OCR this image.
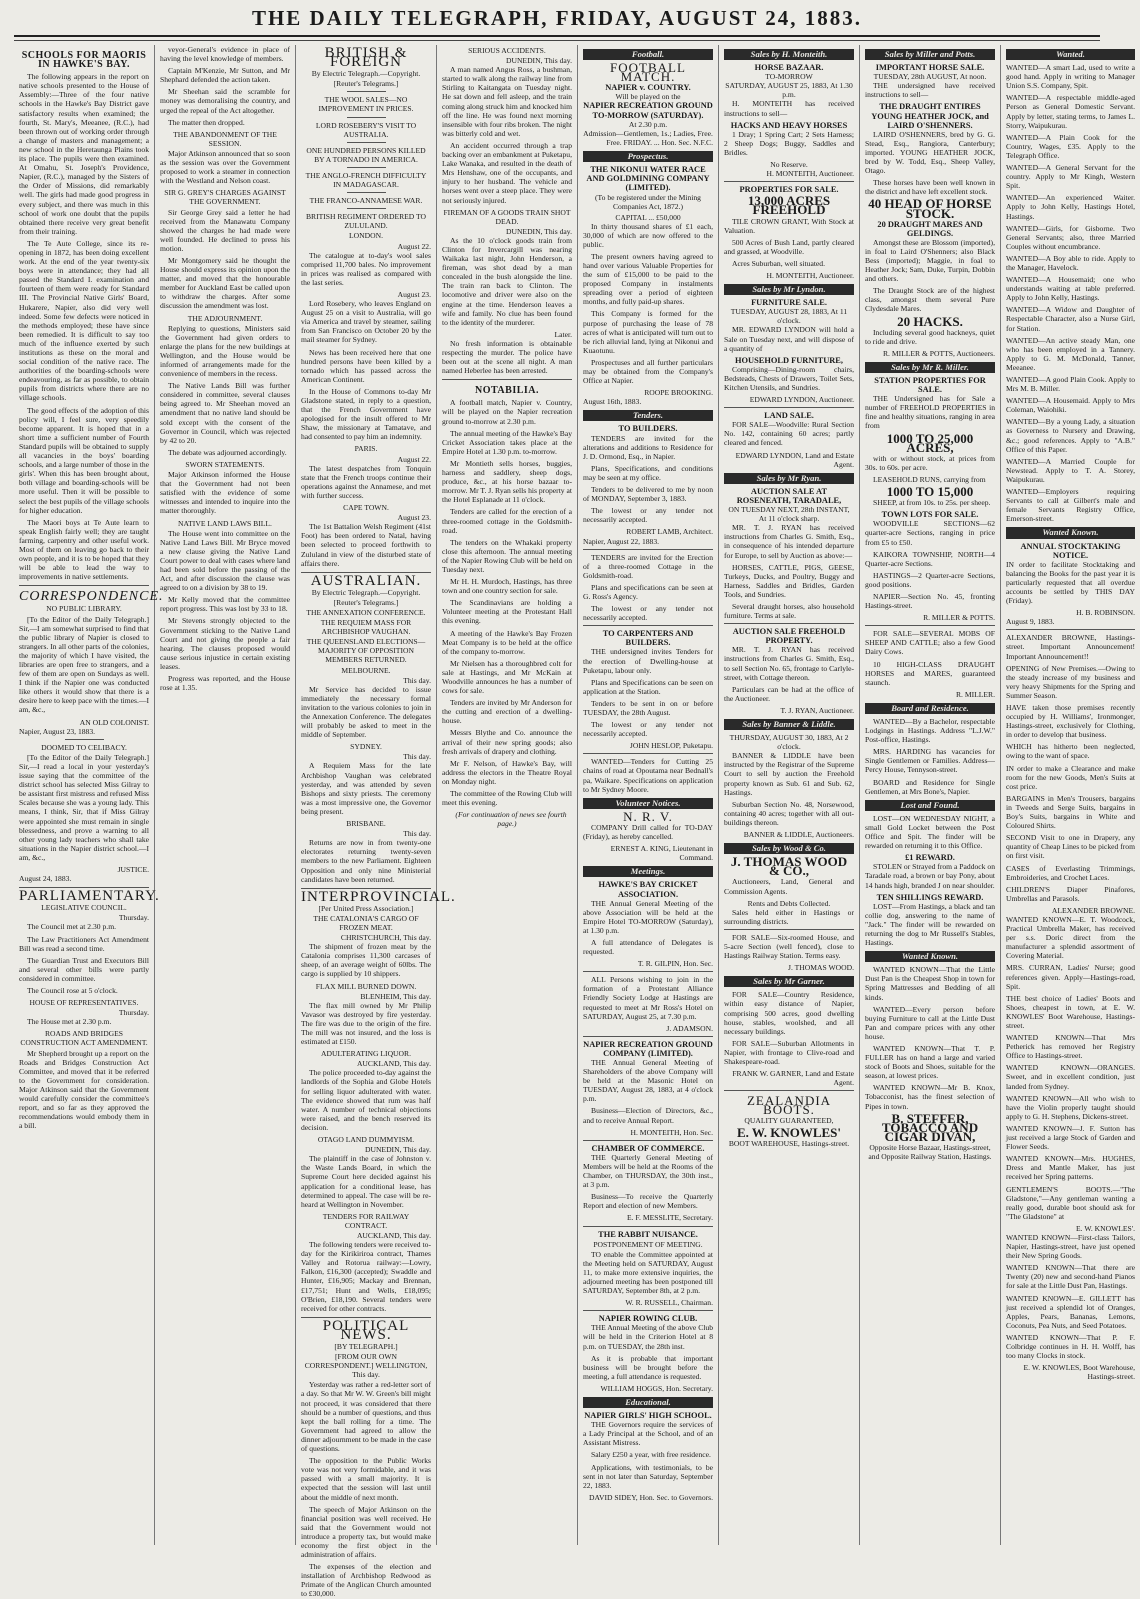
THE DAILY TELEGRAPH, FRIDAY, AUGUST 24, 1883.
SCHOOLS FOR MAORIS IN HAWKE'S BAY.

The following appears in the report on native schools presented to the House of Assembly:—Three of the four native schools in the Hawke's Bay District gave satisfactory results when examined; the fourth, St. Mary's, Meeanee, (R.C.), had been thrown out of working order through a change of masters and management; a new school in the Heretaunga Plains took its place. The pupils were then examined. At Omahu, St. Joseph's Providence, Napier, (R.C.), managed by the Sisters of the Order of Missions, did remarkably well. The girls had made good progress in every subject, and there was much in this school of work one doubt that the pupils obtained there receive very great benefit from their training.

The Te Aute College, since its re-opening in 1872, has been doing excellent work. At the end of the year twenty-six boys were in attendance; they had all passed the Standard I. examination and fourteen of them were ready for Standard III. The Provincial Native Girls' Board, Hukarere, Napier, also did very well indeed. Some few defects were noticed in the methods employed; these have since been remedied. It is difficult to say too much of the influence exerted by such institutions as these on the moral and social condition of the native race. The authorities of the boarding-schools were endeavouring, as far as possible, to obtain pupils from districts where there are no village schools.

The good effects of the adoption of this policy will, I feel sure, very speedily become apparent. It is hoped that in a short time a sufficient number of Fourth Standard pupils will be obtained to supply all vacancies in the boys' boarding schools, and a large number of those in the girls'. When this has been brought about, both village and boarding-schools will be more useful. Then it will be possible to select the best pupils of the village schools for higher education.

The Maori boys at Te Aute learn to speak English fairly well; they are taught farming, carpentry and other useful work. Most of them on leaving go back to their own people, and it is to be hoped that they will be able to lead the way to improvements in native settlements.

CORRESPONDENCE.
NO PUBLIC LIBRARY.

[To the Editor of the Daily Telegraph.] Sir,—I am somewhat surprised to find that the public library of Napier is closed to strangers. In all other parts of the colonies, the majority of which I have visited, the libraries are open free to strangers, and a few of them are open on Sundays as well. I think if the Napier one was conducted like others it would show that there is a desire here to keep pace with the times.—I am, &c.,

AN OLD COLONIST.
Napier, August 23, 1883.
DOOMED TO CELIBACY.

[To the Editor of the Daily Telegraph.] Sir,—I read a local in your yesterday's issue saying that the committee of the district school has selected Miss Gilray to be assistant first mistress and refused Miss Scales because she was a young lady. This means, I think, Sir, that if Miss Gilray were appointed she must remain in single blessedness, and prove a warning to all other young lady teachers who shall take situations in the Napier district school.—I am, &c.,

JUSTICE.
August 24, 1883.
PARLIAMENTARY.
LEGISLATIVE COUNCIL.
Thursday.

The Council met at 2.30 p.m.

The Law Practitioners Act Amendment Bill was read a second time.

The Guardian Trust and Executors Bill and several other bills were partly considered in committee.

The Council rose at 5 o'clock.

HOUSE OF REPRESENTATIVES.
Thursday.

The House met at 2.30 p.m.

ROADS AND BRIDGES CONSTRUCTION ACT AMENDMENT.

Mr Shepherd brought up a report on the Roads and Bridges Construction Act Committee, and moved that it be referred to the Government for consideration. Major Atkinson said that the Government would carefully consider the committee's report, and so far as they approved the recommendations would embody them in a bill.

veyor-General's evidence in place of having the level knowledge of members.

Captain M'Kenzie, Mr Sutton, and Mr Shephard defended the action taken.

Mr Sheehan said the scramble for money was demoralising the country, and urged the repeal of the Act altogether.

The matter then dropped.

THE ABANDONMENT OF THE SESSION.

Major Atkinson announced that so soon as the session was over the Government proposed to work a steamer in connection with the Westland and Nelson coast.

SIR G. GREY'S CHARGES AGAINST THE GOVERNMENT.

Sir George Grey said a letter he had received from the Manawatu Company showed the charges he had made were well founded. He declined to press his motion.

Mr Montgomery said he thought the House should express its opinion upon the matter, and moved that the honourable member for Auckland East be called upon to withdraw the charges. After some discussion the amendment was lost.

THE ADJOURNMENT.

Replying to questions, Ministers said the Government had given orders to enlarge the plans for the new buildings at Wellington, and the House would be informed of arrangements made for the convenience of members in the recess.

The Native Lands Bill was further considered in committee, several clauses being agreed to. Mr Sheehan moved an amendment that no native land should be sold except with the consent of the Governor in Council, which was rejected by 42 to 20.

The debate was adjourned accordingly.

SWORN STATEMENTS.

Major Atkinson informed the House that the Government had not been satisfied with the evidence of some witnesses and intended to inquire into the matter thoroughly.

NATIVE LAND LAWS BILL.

The House went into committee on the Native Land Laws Bill. Mr Bryce moved a new clause giving the Native Land Court power to deal with cases where land had been sold before the passing of the Act, and after discussion the clause was agreed to on a division by 38 to 19.

Mr Kelly moved that the committee report progress. This was lost by 33 to 18.

Mr Stevens strongly objected to the Government sticking to the Native Land Court and not giving the people a fair hearing. The clauses proposed would cause serious injustice in certain existing leases.

Progress was reported, and the House rose at 1.35.

BRITISH & FOREIGN
By Electric Telegraph.—Copyright.
[Reuter's Telegrams.]
THE WOOL SALES—NO IMPROVEMENT IN PRICES.
LORD ROSEBERY'S VISIT TO AUSTRALIA.
ONE HUNDRED PERSONS KILLED BY A TORNADO IN AMERICA.
THE ANGLO-FRENCH DIFFICULTY IN MADAGASCAR.
THE FRANCO-ANNAMESE WAR.
BRITISH REGIMENT ORDERED TO ZULULAND.
LONDON.
August 22.

The catalogue at to-day's wool sales comprised 11,700 bales. No improvement in prices was realised as compared with the last series.

August 23.

Lord Rosebery, who leaves England on August 25 on a visit to Australia, will go via America and travel by steamer, sailing from San Francisco on October 20 by the mail steamer for Sydney.

News has been received here that one hundred persons have been killed by a tornado which has passed across the American Continent.

In the House of Commons to-day Mr Gladstone stated, in reply to a question, that the French Government have apologised for the insult offered to Mr Shaw, the missionary at Tamatave, and had consented to pay him an indemnity.

PARIS.
August 22.

The latest despatches from Tonquin state that the French troops continue their operations against the Annamese, and met with further success.

CAPE TOWN.
August 23.

The 1st Battalion Welsh Regiment (41st Foot) has been ordered to Natal, having been selected to proceed forthwith to Zululand in view of the disturbed state of affairs there.

AUSTRALIAN.
By Electric Telegraph.—Copyright.
[Reuter's Telegrams.]
THE ANNEXATION CONFERENCE.
THE REQUIEM MASS FOR ARCHBISHOP VAUGHAN.
THE QUEENSLAND ELECTIONS—MAJORITY OF OPPOSITION MEMBERS RETURNED.
MELBOURNE.
This day.

Mr Service has decided to issue immediately the necessary formal invitation to the various colonies to join in the Annexation Conference. The delegates will probably be asked to meet in the middle of September.

SYDNEY.
This day.

A Requiem Mass for the late Archbishop Vaughan was celebrated yesterday, and was attended by seven Bishops and sixty priests. The ceremony was a most impressive one, the Governor being present.

BRISBANE.
This day.

Returns are now in from twenty-one electorates returning twenty-seven members to the new Parliament. Eighteen Opposition and only nine Ministerial candidates have been returned.

INTERPROVINCIAL.
[Per United Press Association.]
THE CATALONIA'S CARGO OF FROZEN MEAT.
CHRISTCHURCH, This day.

The shipment of frozen meat by the Catalonia comprises 11,300 carcases of sheep, of an average weight of 60lbs. The cargo is supplied by 10 shippers.

FLAX MILL BURNED DOWN.
BLENHEIM, This day.

The flax mill owned by Mr Philip Vavasor was destroyed by fire yesterday. The fire was due to the origin of the fire. The mill was not insured, and the loss is estimated at £150.

ADULTERATING LIQUOR.
AUCKLAND, This day.

The police proceeded to-day against the landlords of the Sophia and Globe Hotels for selling liquor adulterated with water. The evidence showed that rum was half water. A number of technical objections were raised, and the bench reserved its decision.

OTAGO LAND DUMMYISM.
DUNEDIN, This day.

The plaintiff in the case of Johnston v. the Waste Lands Board, in which the Supreme Court here decided against his application for a conditional lease, has determined to appeal. The case will be re-heard at Wellington in November.

TENDERS FOR RAILWAY CONTRACT.
AUCKLAND, This day.

The following tenders were received to-day for the Kirikiriroa contract, Thames Valley and Rotorua railway:—Lowry, Falkon, £16,300 (accepted); Swaddle and Hunter, £16,905; Mackay and Brennan, £17,751; Hunt and Wells, £18,095; O'Brien, £18,190. Several tenders were received for other contracts.

POLITICAL NEWS.
[BY TELEGRAPH.]
[FROM OUR OWN CORRESPONDENT.] WELLINGTON, This day.

Yesterday was rather a red-letter sort of a day. So that Mr W. W. Green's bill might not proceed, it was considered that there should be a number of questions, and thus kept the ball rolling for a time. The Government had agreed to allow the dinner adjournment to be made in the case of questions.

The opposition to the Public Works vote was not very formidable, and it was passed with a small majority. It is expected that the session will last until about the middle of next month.

The speech of Major Atkinson on the financial position was well received. He said that the Government would not introduce a property tax, but would make economy the first object in the administration of affairs.

The expenses of the election and installation of Archbishop Redwood as Primate of the Anglican Church amounted to £30,000.

SERIOUS ACCIDENTS.
DUNEDIN, This day.

A man named Angus Ross, a bushman, started to walk along the railway line from Stirling to Kaitangata on Tuesday night. He sat down and fell asleep, and the train coming along struck him and knocked him off the line. He was found next morning insensible with four ribs broken. The night was bitterly cold and wet.

An accident occurred through a trap backing over an embankment at Puketapu, Lake Wanaka, and resulted in the death of Mrs Henshaw, one of the occupants, and injury to her husband. The vehicle and horses went over a steep place. They were not seriously injured.

FIREMAN OF A GOODS TRAIN SHOT DEAD.
DUNEDIN, This day.

As the 10 o'clock goods train from Clinton for Invercargill was nearing Waikaka last night, John Henderson, a fireman, was shot dead by a man concealed in the bush alongside the line. The train ran back to Clinton. The locomotive and driver were also on the engine at the time. Henderson leaves a wife and family. No clue has been found to the identity of the murderer.

Later.

No fresh information is obtainable respecting the murder. The police have been out at the scene all night. A man named Heberlee has been arrested.

NOTABILIA.

A football match, Napier v. Country, will be played on the Napier recreation ground to-morrow at 2.30 p.m.

The annual meeting of the Hawke's Bay Cricket Association takes place at the Empire Hotel at 1.30 p.m. to-morrow.

Mr Montieth sells horses, buggies, harness and saddlery, sheep dogs, produce, &c., at his horse bazaar to-morrow. Mr T. J. Ryan sells his property at the Hotel Esplanade at 11 o'clock.

Tenders are called for the erection of a three-roomed cottage in the Goldsmith-road.

The tenders on the Whakaki property close this afternoon. The annual meeting of the Napier Rowing Club will be held on Tuesday next.

Mr H. H. Murdoch, Hastings, has three town and one country section for sale.

The Scandinavians are holding a Volunteer meeting at the Protestant Hall this evening.

A meeting of the Hawke's Bay Frozen Meat Company is to be held at the office of the company to-morrow.

Mr Nielsen has a thoroughbred colt for sale at Hastings, and Mr McKain at Woodville announces he has a number of cows for sale.

Tenders are invited by Mr Anderson for the cutting and erection of a dwelling-house.

Messrs Blythe and Co. announce the arrival of their new spring goods; also fresh arrivals of drapery and clothing.

Mr F. Nelson, of Hawke's Bay, will address the electors in the Theatre Royal on Monday night.

The committee of the Rowing Club will meet this evening.

(For continuation of news see fourth page.)

Football.
FOOTBALL MATCH.
NAPIER v. COUNTRY.
Will be played on the
NAPIER RECREATION GROUND TO-MORROW (SATURDAY).
At 2.30 p.m.
Admission—Gentlemen, 1s.; Ladies, Free.
Free. FRIDAY. ... Hon. Sec. N.F.C.
Prospectus.
THE NIKONUI WATER RACE AND GOLDMINING COMPANY (LIMITED).
(To be registered under the Mining Companies Act, 1872.)
CAPITAL ... £50,000

In thirty thousand shares of £1 each, 30,000 of which are now offered to the public.

The present owners having agreed to hand over various Valuable Properties for the sum of £15,000 to be paid to the proposed Company in instalments spreading over a period of eighteen months, and fully paid-up shares.

This Company is formed for the purpose of purchasing the lease of 78 acres of what is anticipated will turn out to be rich alluvial land, lying at Nikonui and Kuaotunu.

Prospectuses and all further particulars may be obtained from the Company's Office at Napier.

ROOPE BROOKING.
August 16th, 1883.
Tenders.
TO BUILDERS.

TENDERS are invited for the alterations and additions to Residence for J. D. Ormond, Esq., in Napier.

Plans, Specifications, and conditions may be seen at my office.

Tenders to be delivered to me by noon of MONDAY, September 3, 1883.

The lowest or any tender not necessarily accepted.

ROBERT LAMB, Architect.
Napier, August 22, 1883.

TENDERS are invited for the Erection of a three-roomed Cottage in the Goldsmith-road.

Plans and specifications can be seen at G. Ross's Agency.

The lowest or any tender not necessarily accepted.

TO CARPENTERS AND BUILDERS.

THE undersigned invites Tenders for the erection of Dwelling-house at Puketapu, labour only.

Plans and Specifications can be seen on application at the Station.

Tenders to be sent in on or before TUESDAY, the 28th August.

The lowest or any tender not necessarily accepted.

JOHN HESLOP, Puketapu.

WANTED—Tenders for Cutting 25 chains of road at Opoutama near Bednall's pa, Waikare. Specifications on application to Mr Sydney Moore.

Volunteer Notices.
N. R. V.

COMPANY Drill called for TO-DAY (Friday), as hereby cancelled.

ERNEST A. KING, Lieutenant in Command.
Meetings.
HAWKE'S BAY CRICKET ASSOCIATION.

THE Annual General Meeting of the above Association will be held at the Empire Hotel TO-MORROW (Saturday), at 1.30 p.m.

A full attendance of Delegates is requested.

T. R. GILPIN, Hon. Sec.

ALL Persons wishing to join in the formation of a Protestant Alliance Friendly Society Lodge at Hastings are requested to meet at Mr Ross's Hotel on SATURDAY, August 25, at 7.30 p.m.

J. ADAMSON.
NAPIER RECREATION GROUND COMPANY (LIMITED).

THE Annual General Meeting of Shareholders of the above Company will be held at the Masonic Hotel on TUESDAY, August 28, 1883, at 4 o'clock p.m.

Business—Election of Directors, &c., and to receive Annual Report.

H. MONTEITH, Hon. Sec.
CHAMBER OF COMMERCE.

THE Quarterly General Meeting of Members will be held at the Rooms of the Chamber, on THURSDAY, the 30th inst., at 3 p.m.

Business—To receive the Quarterly Report and election of new Members.

E. F. MESSLITE, Secretary.
THE RABBIT NUISANCE.
POSTPONEMENT OF MEETING.

TO enable the Committee appointed at the Meeting held on SATURDAY, August 11, to make more extensive inquiries, the adjourned meeting has been postponed till SATURDAY, September 8th, at 2 p.m.

W. R. RUSSELL, Chairman.
NAPIER ROWING CLUB.

THE Annual Meeting of the above Club will be held in the Criterion Hotel at 8 p.m. on TUESDAY, the 28th inst.

As it is probable that important business will be brought before the meeting, a full attendance is requested.

WILLIAM HOGGS, Hon. Secretary.
Educational.
NAPIER GIRLS' HIGH SCHOOL.

THE Governors require the services of a Lady Principal at the School, and of an Assistant Mistress.

Salary £250 a year, with free residence.

Applications, with testimonials, to be sent in not later than Saturday, September 22, 1883.

DAVID SIDEY, Hon. Sec. to Governors.
Sales by H. Monteith.
HORSE BAZAAR.
TO-MORROW
SATURDAY, AUGUST 25, 1883, At 1.30 p.m.

H. MONTEITH has received instructions to sell—

HACKS AND HEAVY HORSES

1 Dray; 1 Spring Cart; 2 Sets Harness; 2 Sheep Dogs; Buggy, Saddles and Bridles.

No Reserve.
H. MONTEITH, Auctioneer.
PROPERTIES FOR SALE.
13,000 ACRES FREEHOLD

TILE CROWN GRANT, With Stock at Valuation.

500 Acres of Bush Land, partly cleared and grassed, at Woodville.

Acres Suburban, well situated.

H. MONTEITH, Auctioneer.
Sales by Mr Lyndon.
FURNITURE SALE.
TUESDAY, AUGUST 28, 1883, At 11 o'clock.

MR. EDWARD LYNDON will hold a Sale on Tuesday next, and will dispose of a quantity of

HOUSEHOLD FURNITURE,

Comprising—Dining-room chairs, Bedsteads, Chests of Drawers, Toilet Sets, Kitchen Utensils, and Sundries.

EDWARD LYNDON, Auctioneer.
LAND SALE.

FOR SALE—Woodville: Rural Section No. 142, containing 60 acres; partly cleared and fenced.

EDWARD LYNDON, Land and Estate Agent.
Sales by Mr Ryan.
AUCTION SALE AT ROSENEATH, TARADALE,
ON TUESDAY NEXT, 28th INSTANT, At 11 o'clock sharp.

MR. T. J. RYAN has received instructions from Charles G. Smith, Esq., in consequence of his intended departure for Europe, to sell by Auction as above:—

HORSES, CATTLE, PIGS, GEESE, Turkeys, Ducks, and Poultry, Buggy and Harness, Saddles and Bridles, Garden Tools, and Sundries.

Several draught horses, also household furniture. Terms at sale.

AUCTION SALE FREEHOLD PROPERTY.

MR. T. J. RYAN has received instructions from Charles G. Smith, Esq., to sell Section No. 65, frontage to Carlyle-street, with Cottage thereon.

Particulars can be had at the office of the Auctioneer.

T. J. RYAN, Auctioneer.
Sales by Banner & Liddle.
THURSDAY, AUGUST 30, 1883, At 2 o'clock.

BANNER & LIDDLE have been instructed by the Registrar of the Supreme Court to sell by auction the Freehold property known as Sub. 61 and Sub. 62, Hastings.

Suburban Section No. 48, Norsewood, containing 40 acres; together with all out-buildings thereon.

BANNER & LIDDLE, Auctioneers.
Sales by Wood & Co.
J. THOMAS WOOD & CO.,

Auctioneers, Land, General and Commission Agents.

Rents and Debts Collected.

Sales held either in Hastings or surrounding districts.

FOR SALE—Six-roomed House, and 5-acre Section (well fenced), close to Hastings Railway Station. Terms easy.

J. THOMAS WOOD.
Sales by Mr Garner.

FOR SALE—Country Residence, within easy distance of Napier, comprising 500 acres, good dwelling house, stables, woolshed, and all necessary buildings.

FOR SALE—Suburban Allotments in Napier, with frontage to Clive-road and Shakespeare-road.

FRANK W. GARNER, Land and Estate Agent.
ZEALANDIA BOOTS.
QUALITY GUARANTEED,
E. W. KNOWLES'
BOOT WAREHOUSE, Hastings-street.
Sales by Miller and Potts.
IMPORTANT HORSE SALE.
TUESDAY, 28th AUGUST, At noon.

THE undersigned have received instructions to sell—

THE DRAUGHT ENTIRES YOUNG HEATHER JOCK, and LAIRD O'SHENNERS.

LAIRD O'SHENNERS, bred by G. G. Stead, Esq., Rangiora, Canterbury; imported. YOUNG HEATHER JOCK, bred by W. Todd, Esq., Sheep Valley, Otago.

These horses have been well known in the district and have left excellent stock.

40 HEAD OF HORSE STOCK.
20 DRAUGHT MARES AND GELDINGS.

Amongst these are Blossom (imported), in foal to Laird O'Shenners; also Black Bess (imported); Maggie, in foal to Heather Jock; Sam, Duke, Turpin, Dobbin and others.

The Draught Stock are of the highest class, amongst them several Pure Clydesdale Mares.

20 HACKS.

Including several good hackneys, quiet to ride and drive.

R. MILLER & POTTS, Auctioneers.
Sales by Mr R. Miller.
STATION PROPERTIES FOR SALE.

THE Undersigned has for Sale a number of FREEHOLD PROPERTIES in fine and healthy situations, ranging in area from

1000 TO 25,000 ACRES,

with or without stock, at prices from 30s. to 60s. per acre.

LEASEHOLD RUNS, carrying from

1000 TO 15,000

SHEEP, at from 10s. to 25s. per sheep.

TOWN LOTS FOR SALE.

WOODVILLE SECTIONS—62 quarter-acre Sections, ranging in price from £5 to £50.

KAIKORA TOWNSHIP, NORTH—4 Quarter-acre Sections.

HASTINGS—2 Quarter-acre Sections, good positions.

NAPIER—Section No. 45, fronting Hastings-street.

R. MILLER & POTTS.

FOR SALE—SEVERAL MOBS OF SHEEP AND CATTLE; also a few Good Dairy Cows.

10 HIGH-CLASS DRAUGHT HORSES and MARES, guaranteed staunch.

R. MILLER.
Board and Residence.

WANTED—By a Bachelor, respectable Lodgings in Hastings. Address "L.J.W." Post-office, Hastings.

MRS. HARDING has vacancies for Single Gentlemen or Families. Address—Percy House, Tennyson-street.

BOARD and Residence for Single Gentlemen, at Mrs Bone's, Napier.

Lost and Found.

LOST—ON WEDNESDAY NIGHT, a small Gold Locket between the Post Office and Spit. The finder will be rewarded on returning it to this Office.

£1 REWARD.

STOLEN or Strayed from a Paddock on Taradale road, a brown or bay Pony, about 14 hands high, branded J on near shoulder.

TEN SHILLINGS REWARD.

LOST—From Hastings, a black and tan collie dog, answering to the name of "Jack." The finder will be rewarded on returning the dog to Mr Russell's Stables, Hastings.

Wanted Known.

WANTED KNOWN—That the Little Dust Pan is the Cheapest Shop in town for Spring Mattresses and Bedding of all kinds.

WANTED—Every person before buying Furniture to call at the Little Dust Pan and compare prices with any other house.

WANTED KNOWN—That T. P. FULLER has on hand a large and varied stock of Boots and Shoes, suitable for the season, at lowest prices.

WANTED KNOWN—Mr B. Knox, Tobacconist, has the finest selection of Pipes in town.

B. STEFFER, TOBACCO AND CIGAR DIVAN,
Opposite Horse Bazaar, Hastings-street, and Opposite Railway Station, Hastings.
Wanted.

WANTED—A smart Lad, used to write a good hand. Apply in writing to Manager Union S.S. Company, Spit.

WANTED—A respectable middle-aged Person as General Domestic Servant. Apply by letter, stating terms, to James L. Storry, Waipukurau.

WANTED—A Plain Cook for the Country, Wages, £35. Apply to the Telegraph Office.

WANTED—A General Servant for the country. Apply to Mr Kingh, Western Spit.

WANTED—An experienced Waiter. Apply to John Kelly, Hastings Hotel, Hastings.

WANTED—Girls, for Gisborne. Two General Servants; also, three Married Couples without encumbrance.

WANTED—A Boy able to ride. Apply to the Manager, Havelock.

WANTED—A Housemaid; one who understands waiting at table preferred. Apply to John Kelly, Hastings.

WANTED—A Widow and Daughter of Respectable Character, also a Nurse Girl, for Station.

WANTED—An active steady Man, one who has been employed in a Tannery. Apply to G. M. McDonald, Tanner, Meeanee.

WANTED—A good Plain Cook. Apply to Mrs M. B. Miller.

WANTED—A Housemaid. Apply to Mrs Coleman, Waiohiki.

WANTED—By a young Lady, a situation as Governess to Nursery and Drawing, &c.; good references. Apply to "A.B." Office of this Paper.

WANTED—A Married Couple for Newstead. Apply to T. A. Storey, Waipukurau.

WANTED—Employers requiring Servants to call at Gilbert's male and female Servants Registry Office, Emerson-street.

Wanted Known.
ANNUAL STOCKTAKING NOTICE.

IN order to facilitate Stocktaking and balancing the Books for the past year it is particularly requested that all overdue accounts be settled by THIS DAY (Friday).

H. B. ROBINSON.
August 9, 1883.

ALEXANDER BROWNE, Hastings-street. Important Announcement! Important Announcement!!

OPENING of New Premises.—Owing to the steady increase of my business and very heavy Shipments for the Spring and Summer Season.

HAVE taken those premises recently occupied by H. Williams', Ironmonger, Hastings-street, exclusively for Clothing, in order to develop that business.

WHICH has hitherto been neglected, owing to the want of space.

IN order to make a Clearance and make room for the new Goods, Men's Suits at cost price.

BARGAINS in Men's Trousers, bargains in Tweeds and Serge Suits, bargains in Boy's Suits, bargains in White and Coloured Shirts.

SECOND Visit to one in Drapery, any quantity of Cheap Lines to be picked from on first visit.

CASES of Everlasting Trimmings, Embroideries, and Crochet Laces.

CHILDREN'S Diaper Pinafores, Umbrellas and Parasols.

ALEXANDER BROWNE.

WANTED KNOWN—E. T. Woodcock, Practical Umbrella Maker, has received per s.s. Doric direct from the manufacturer a splendid assortment of Covering Material.

MRS. CURRAN, Ladies' Nurse; good references given. Apply—Hastings-road, Spit.

THE best choice of Ladies' Boots and Shoes, cheapest in town, at E. W. KNOWLES' Boot Warehouse, Hastings-street.

WANTED KNOWN—That Mrs Petherick has removed her Registry Office to Hastings-street.

WANTED KNOWN—ORANGES. Sweet, and in excellent condition, just landed from Sydney.

WANTED KNOWN—All who wish to have the Violin properly taught should apply to G. H. Stephens, Dickens-street.

WANTED KNOWN—J. F. Sutton has just received a large Stock of Garden and Flower Seeds.

WANTED KNOWN—Mrs. HUGHES, Dress and Mantle Maker, has just received her Spring patterns.

GENTLEMEN'S BOOTS.—"The Gladstone,"—Any gentleman wanting a really good, durable boot should ask for "The Gladstone" at

E. W. KNOWLES'.

WANTED KNOWN—First-class Tailors, Napier, Hastings-street, have just opened their New Spring Goods.

WANTED KNOWN—That there are Twenty (20) new and second-hand Pianos for sale at the Little Dust Pan, Hastings.

WANTED KNOWN—E. GILLETT has just received a splendid lot of Oranges, Apples, Pears, Bananas, Lemons, Coconuts, Pea Nuts, and Seed Potatoes.

WANTED KNOWN—That P. F. Colbridge continues in H. H. Wolff, has too many Clocks in stock.

E. W. KNOWLES, Boot Warehouse, Hastings-street.
